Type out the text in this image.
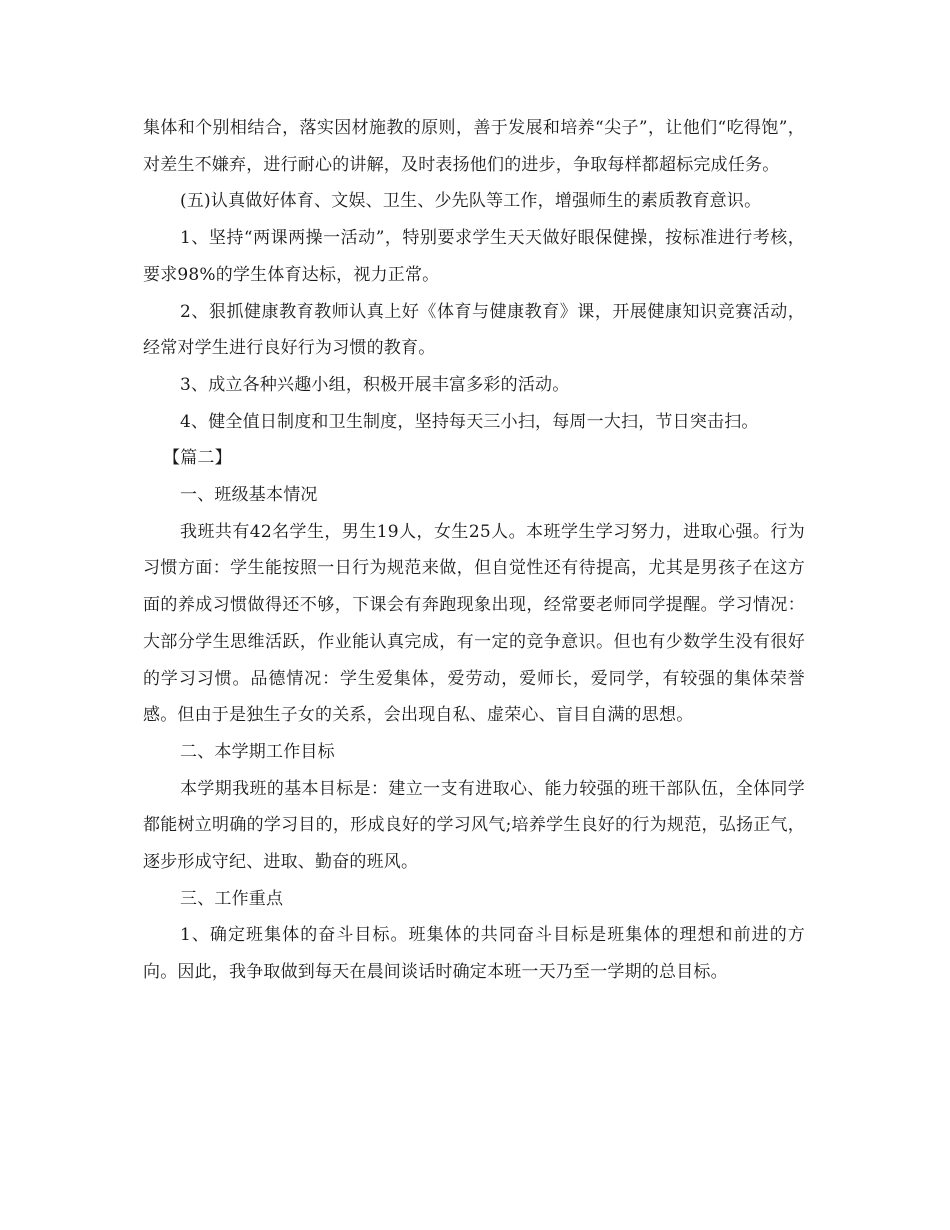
集体和个别相结合，落实因材施教的原则，善于发展和培养“尖子”，让他们“吃得饱”，对差生不嫌弃，进行耐心的讲解，及时表扬他们的进步，争取每样都超标完成任务。

(五)认真做好体育、文娱、卫生、少先队等工作，增强师生的素质教育意识。

1、坚持“两课两操一活动”，特别要求学生天天做好眼保健操，按标准进行考核，要求98%的学生体育达标，视力正常。

2、狠抓健康教育教师认真上好《体育与健康教育》课，开展健康知识竞赛活动，经常对学生进行良好行为习惯的教育。

3、成立各种兴趣小组，积极开展丰富多彩的活动。

4、健全值日制度和卫生制度，坚持每天三小扫，每周一大扫，节日突击扫。

【篇二】

一、班级基本情况

我班共有42名学生，男生19人，女生25人。本班学生学习努力，进取心强。行为习惯方面：学生能按照一日行为规范来做，但自觉性还有待提高，尤其是男孩子在这方面的养成习惯做得还不够，下课会有奔跑现象出现，经常要老师同学提醒。学习情况：大部分学生思维活跃，作业能认真完成，有一定的竞争意识。但也有少数学生没有很好的学习习惯。品德情况：学生爱集体，爱劳动，爱师长，爱同学，有较强的集体荣誉感。但由于是独生子女的关系，会出现自私、虚荣心、盲目自满的思想。

二、本学期工作目标

本学期我班的基本目标是：建立一支有进取心、能力较强的班干部队伍，全体同学都能树立明确的学习目的，形成良好的学习风气;培养学生良好的行为规范，弘扬正气，逐步形成守纪、进取、勤奋的班风。

三、工作重点

1、确定班集体的奋斗目标。班集体的共同奋斗目标是班集体的理想和前进的方向。因此，我争取做到每天在晨间谈话时确定本班一天乃至一学期的总目标。
